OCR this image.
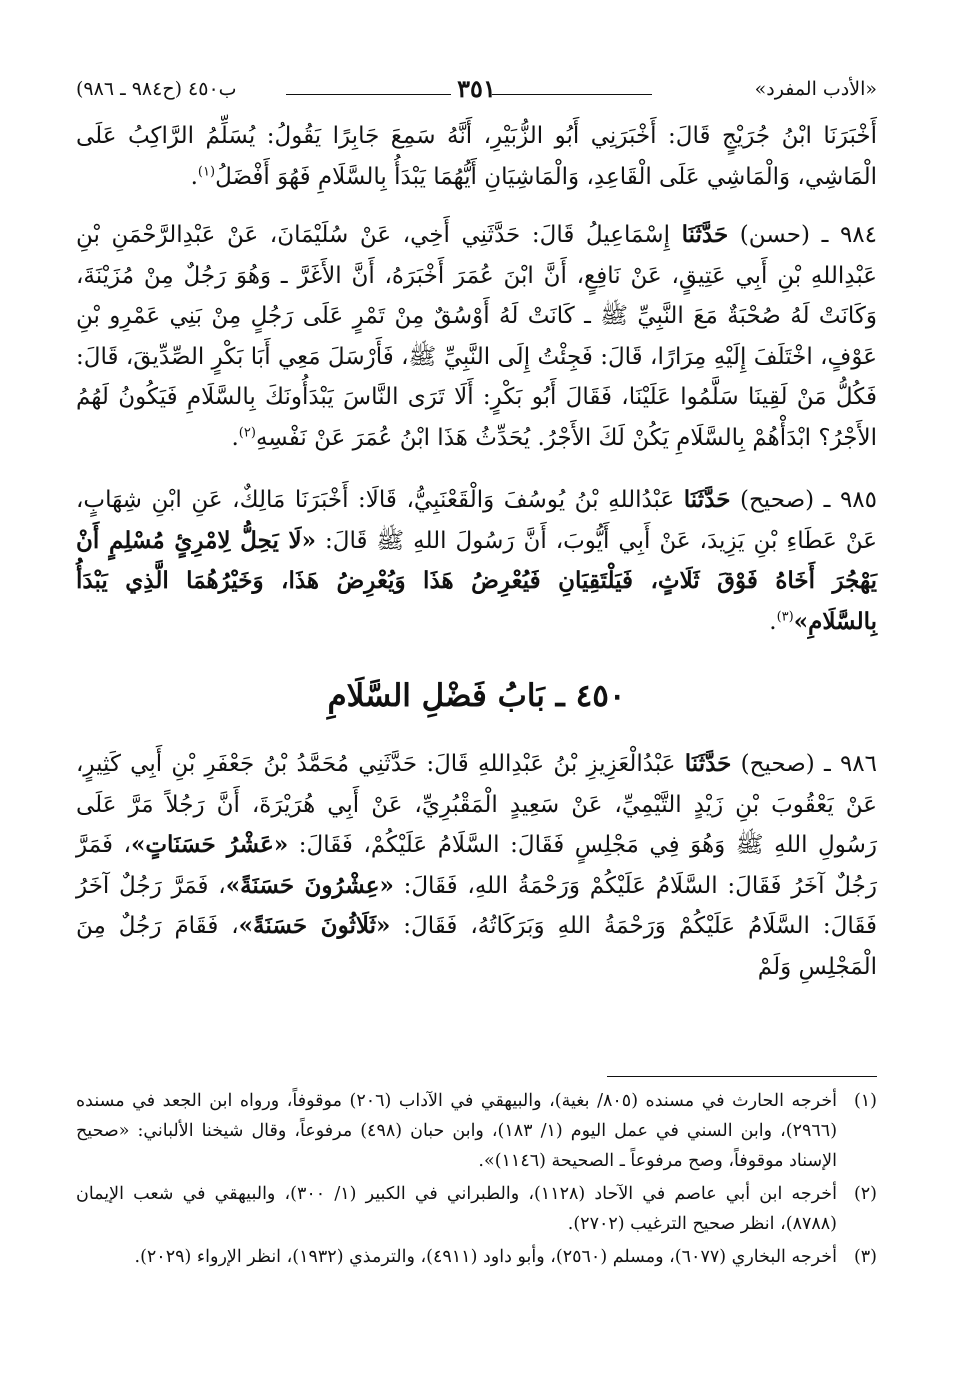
«الأدب المفرد»
٣٥١
ب٤٥٠ (ح٩٨٤ ـ ٩٨٦)

أَخْبَرَنَا ابْنُ جُرَيْجٍ قَالَ: أَخْبَرَنِي أَبُو الزُّبَيْرِ، أَنَّهُ سَمِعَ جَابِرًا يَقُولُ: يُسَلِّمُ الرَّاكِبُ عَلَى الْمَاشِي، وَالْمَاشِي عَلَى الْقَاعِدِ، وَالْمَاشِيَانِ أَيُّهُمَا يَبْدَأُ بِالسَّلَامِ فَهُوَ أَفْضَلُ$^{(١)}$.

٩٨٤ ـ (حسن) حَدَّثَنَا إِسْمَاعِيلُ قَالَ: حَدَّثَنِي أَخِي، عَنْ سُلَيْمَانَ، عَنْ عَبْدِالرَّحْمَنِ بْنِ عَبْدِاللهِ بْنِ أَبِي عَتِيقٍ، عَنْ نَافِعٍ، أَنَّ ابْنَ عُمَرَ أَخْبَرَهُ، أَنَّ الأَغَرَّ ـ وَهُوَ رَجُلٌ مِنْ مُزَيْنَةَ، وَكَانَتْ لَهُ صُحْبَةٌ مَعَ النَّبِيِّ ﷺ ـ كَانَتْ لَهُ أَوْسُقٌ مِنْ تَمْرٍ عَلَى رَجُلٍ مِنْ بَنِي عَمْرِو بْنِ عَوْفٍ، اخْتَلَفَ إِلَيْهِ مِرَارًا، قَالَ: فَجِئْتُ إِلَى النَّبِيِّ ﷺ، فَأَرْسَلَ مَعِي أَبَا بَكْرٍ الصِّدِّيقَ، قَالَ: فَكُلُّ مَنْ لَقِينَا سَلَّمُوا عَلَيْنَا، فَقَالَ أَبُو بَكْرٍ: أَلَا تَرَى النَّاسَ يَبْدَأُونَكَ بِالسَّلَامِ فَيَكُونُ لَهُمُ الأَجْرُ؟ ابْدَأْهُمْ بِالسَّلَامِ يَكُنْ لَكَ الأَجْرُ. يُحَدِّثُ هَذَا ابْنُ عُمَرَ عَنْ نَفْسِهِ$^{(٢)}$.

٩٨٥ ـ (صحيح) حَدَّثَنَا عَبْدُاللهِ بْنُ يُوسُفَ وَالْقَعْنَبِيُّ، قَالَا: أَخْبَرَنَا مَالِكٌ، عَنِ ابْنِ شِهَابٍ، عَنْ عَطَاءِ بْنِ يَزِيدَ، عَنْ أَبِي أَيُّوبَ، أَنَّ رَسُولَ اللهِ ﷺ قَالَ: «لَا يَحِلُّ لِامْرِئٍ مُسْلِمٍ أَنْ يَهْجُرَ أَخَاهُ فَوْقَ ثَلَاثٍ، فَيَلْتَقِيَانِ فَيُعْرِضُ هَذَا وَيُعْرِضُ هَذَا، وَخَيْرُهُمَا الَّذِي يَبْدَأُ بِالسَّلَامِ»$^{(٣)}$.

٤٥٠ ـ بَابُ فَضْلِ السَّلَامِ

٩٨٦ ـ (صحيح) حَدَّثَنَا عَبْدُالْعَزِيزِ بْنُ عَبْدِاللهِ قَالَ: حَدَّثَنِي مُحَمَّدُ بْنُ جَعْفَرِ بْنِ أَبِي كَثِيرٍ، عَنْ يَعْقُوبَ بْنِ زَيْدٍ التَّيْمِيِّ، عَنْ سَعِيدٍ الْمَقْبُرِيِّ، عَنْ أَبِي هُرَيْرَةَ، أَنَّ رَجُلاً مَرَّ عَلَى رَسُولِ اللهِ ﷺ وَهُوَ فِي مَجْلِسٍ فَقَالَ: السَّلَامُ عَلَيْكُمْ، فَقَالَ: «عَشْرُ حَسَنَاتٍ»، فَمَرَّ رَجُلٌ آخَرُ فَقَالَ: السَّلَامُ عَلَيْكُمْ وَرَحْمَةُ اللهِ، فَقَالَ: «عِشْرُونَ حَسَنَةً»، فَمَرَّ رَجُلٌ آخَرُ فَقَالَ: السَّلَامُ عَلَيْكُمْ وَرَحْمَةُ اللهِ وَبَرَكَاتُهُ، فَقَالَ: «ثَلَاثُونَ حَسَنَةً»، فَقَامَ رَجُلٌ مِنَ الْمَجْلِسِ وَلَمْ

(١)
أخرجه الحارث في مسنده (٨٠٥/ بغية)، والبيهقي في الآداب (٢٠٦) موقوفاً، ورواه ابن الجعد في مسنده (٢٩٦٦)، وابن السني في عمل اليوم (١/ ١٨٣)، وابن حبان (٤٩٨) مرفوعاً، وقال شيخنا الألباني: «صحيح الإسناد موقوفاً، وصح مرفوعاً ـ الصحيحة (١١٤٦)».
(٢)
أخرجه ابن أبي عاصم في الآحاد (١١٢٨)، والطبراني في الكبير (١/ ٣٠٠)، والبيهقي في شعب الإيمان (٨٧٨٨)، انظر صحيح الترغيب (٢٧٠٢).
(٣)
أخرجه البخاري (٦٠٧٧)، ومسلم (٢٥٦٠)، وأبو داود (٤٩١١)، والترمذي (١٩٣٢)، انظر الإرواء (٢٠٢٩).
